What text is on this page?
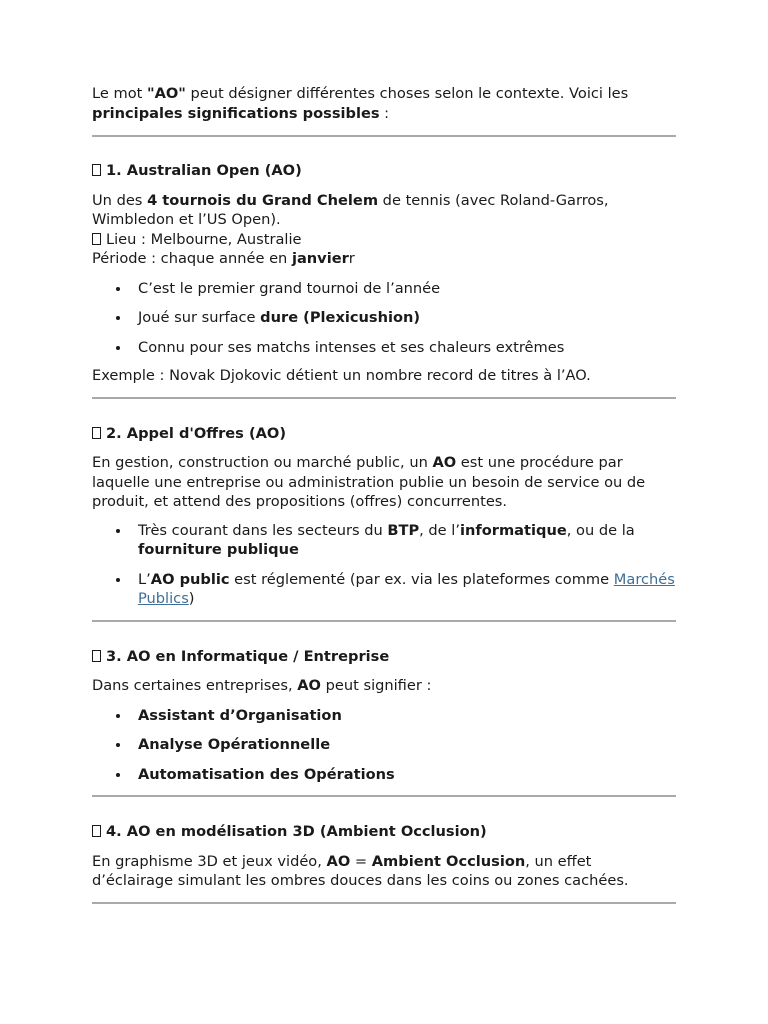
Le mot "AO" peut désigner différentes choses selon le contexte. Voici les principales significations possibles :

1. Australian Open (AO)

Un des 4 tournois du Grand Chelem de tennis (avec Roland-Garros, Wimbledon et l’US Open).

Lieu : Melbourne, Australie

Période : chaque année en janvierr

C’est le premier grand tournoi de l’année
Joué sur surface dure (Plexicushion)
Connu pour ses matchs intenses et ses chaleurs extrêmes

Exemple : Novak Djokovic détient un nombre record de titres à l’AO.

2. Appel d'Offres (AO)

En gestion, construction ou marché public, un AO est une procédure par laquelle une entreprise ou administration publie un besoin de service ou de produit, et attend des propositions (offres) concurrentes.

Très courant dans les secteurs du BTP, de l’informatique, ou de la fourniture publique
L’AO public est réglementé (par ex. via les plateformes comme Marchés Publics)
3. AO en Informatique / Entreprise

Dans certaines entreprises, AO peut signifier :

Assistant d’Organisation
Analyse Opérationnelle
Automatisation des Opérations
4. AO en modélisation 3D (Ambient Occlusion)

En graphisme 3D et jeux vidéo, AO = Ambient Occlusion, un effet d’éclairage simulant les ombres douces dans les coins ou zones cachées.
